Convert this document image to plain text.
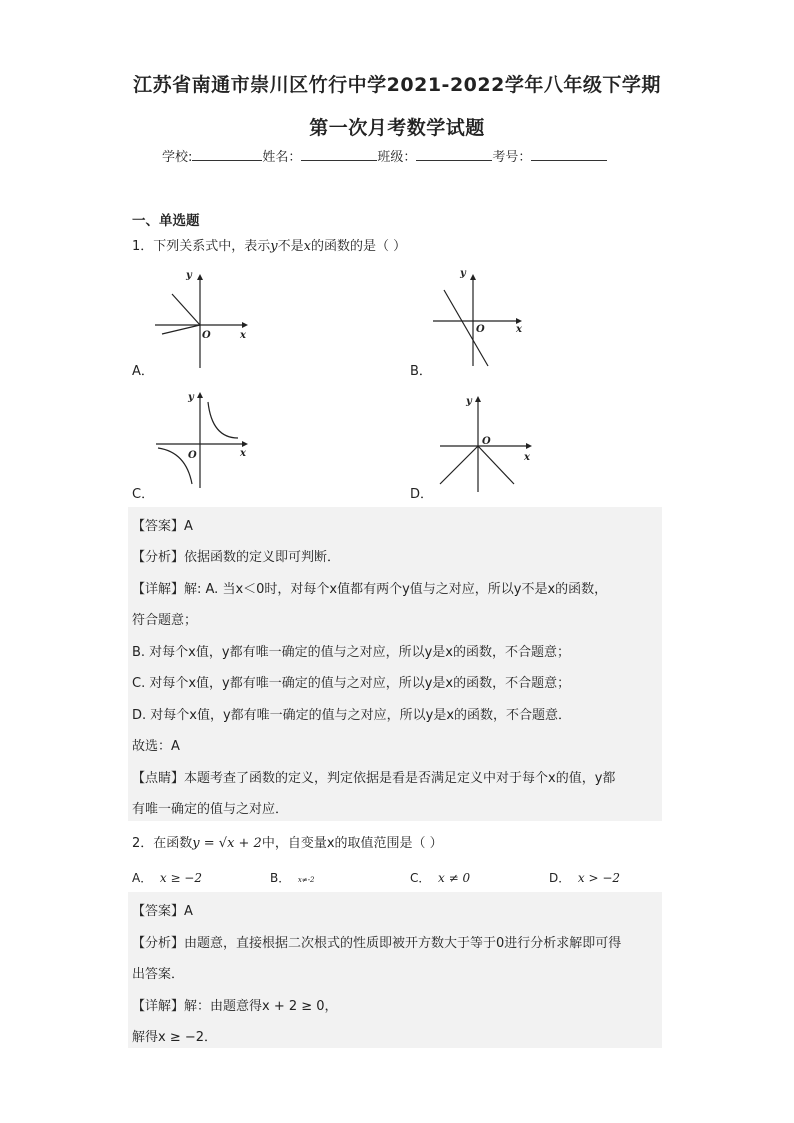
江苏省南通市崇川区竹行中学2021-2022学年八年级下学期
第一次月考数学试题
学校:	姓名：	班级：	考号：
一、单选题
1．下列关系式中，表示y不是x的函数的是（ ）
y
x
O
A．
y
x
O
B．
y
x
O
C．
y
x
O
D．
【答案】A
【分析】依据函数的定义即可判断．
【详解】解: A. 当x＜0时，对每个x值都有两个y值与之对应，所以y不是x的函数，
符合题意；
B. 对每个x值，y都有唯一确定的值与之对应，所以y是x的函数，不合题意；
C. 对每个x值，y都有唯一确定的值与之对应，所以y是x的函数，不合题意；
D. 对每个x值，y都有唯一确定的值与之对应，所以y是x的函数，不合题意．
故选：A
【点睛】本题考查了函数的定义，判定依据是看是否满足定义中对于每个x的值，y都
有唯一确定的值与之对应．
2．在函数y = √x + 2中，自变量x的取值范围是（ ）
A． x ≥ −2	B． x≠-2	C． x ≠ 0	D． x > −2
【答案】A
【分析】由题意，直接根据二次根式的性质即被开方数大于等于0进行分析求解即可得
出答案．
【详解】解：由题意得x + 2 ≥ 0，
解得x ≥ −2．
